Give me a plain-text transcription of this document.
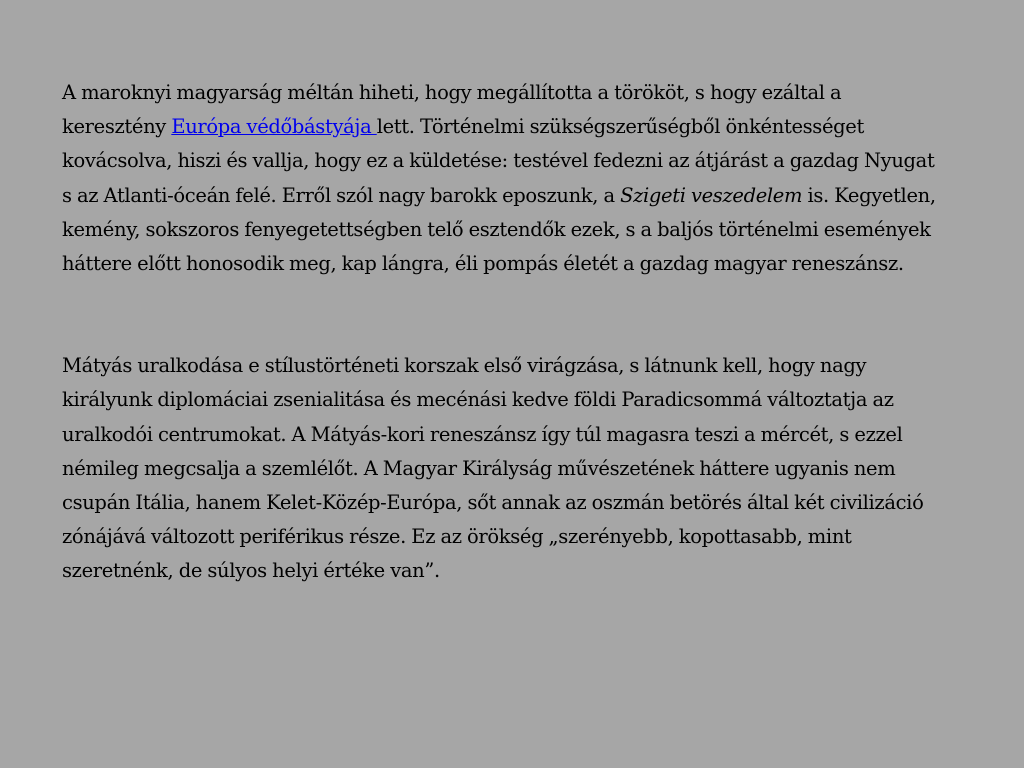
A maroknyi magyarság méltán hiheti, hogy megállította a törököt, s hogy ezáltal a keresztény Európa védőbástyája lett. Történelmi szükségszerűségből önkéntességet kovácsolva, hiszi és vallja, hogy ez a küldetése: testével fedezni az átjárást a gazdag Nyugat s az Atlanti-óceán felé. Erről szól nagy barokk eposzunk, a Szigeti veszedelem is. Kegyetlen, kemény, sokszoros fenyegetettségben telő esztendők ezek, s a baljós történelmi események háttere előtt honosodik meg, kap lángra, éli pompás életét a gazdag magyar reneszánsz.

Mátyás uralkodása e stílustörténeti korszak első virágzása, s látnunk kell, hogy nagy királyunk diplomáciai zsenialitása és mecénási kedve földi Paradicsommá változtatja az uralkodói centrumokat. A Mátyás-kori reneszánsz így túl magasra teszi a mércét, s ezzel némileg megcsalja a szemlélőt. A Magyar Királyság művészetének háttere ugyanis nem csupán Itália, hanem Kelet-Közép-Európa, sőt annak az oszmán betörés által két civilizáció zónájává változott periférikus része. Ez az örökség „szerényebb, kopottasabb, mint szeretnénk, de súlyos helyi értéke van”.
